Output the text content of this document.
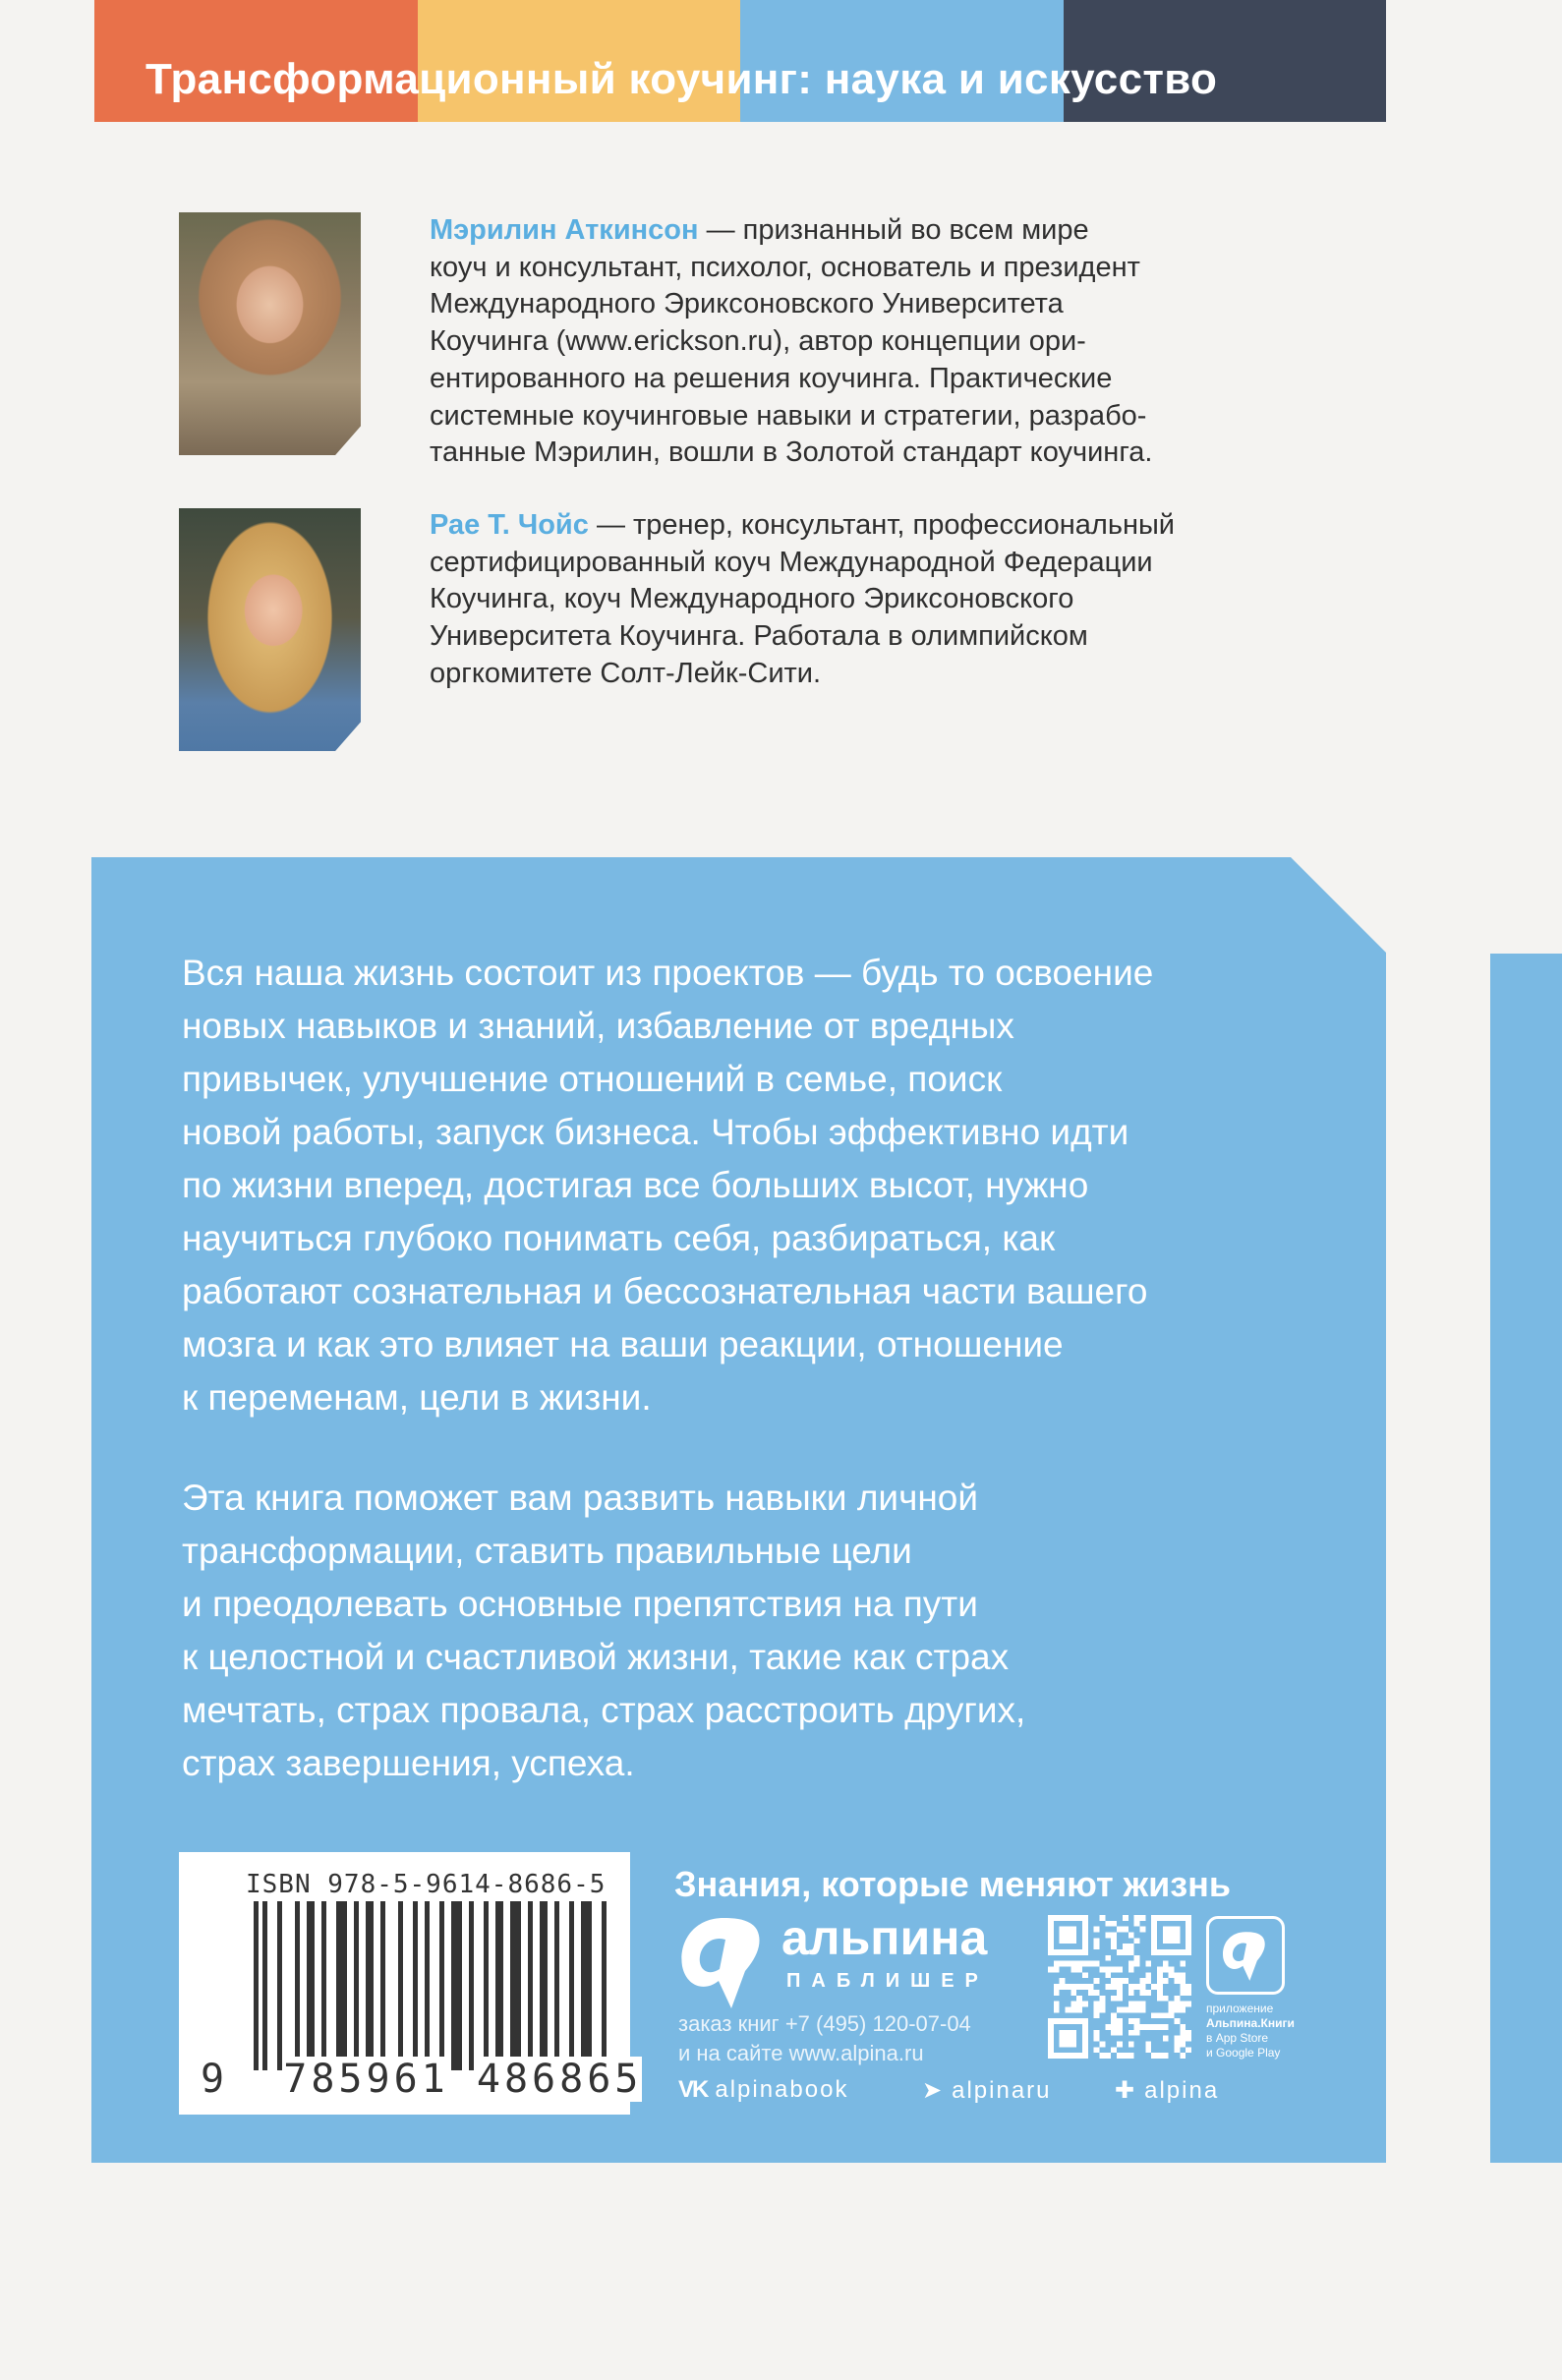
Трансформационный коучинг: наука и искусство
Мэрилин Аткинсон — признанный во всем мире
коуч и консультант, психолог, основатель и президент
Международного Эриксоновского Университета
Коучинга (www.erickson.ru), автор концепции ори-
ентированного на решения коучинга. Практические
системные коучинговые навыки и стратегии, разрабо-
танные Мэрилин, вошли в Золотой стандарт коучинга.
Рае Т. Чойс — тренер, консультант, профессиональный
сертифицированный коуч Международной Федерации
Коучинга, коуч Международного Эриксоновского
Университета Коучинга. Работала в олимпийском
оргкомитете Солт-Лейк-Сити.
Вся наша жизнь состоит из проектов — будь то освоение
новых навыков и знаний, избавление от вредных
привычек, улучшение отношений в семье, поиск
новой работы, запуск бизнеса. Чтобы эффективно идти
по жизни вперед, достигая все больших высот, нужно
научиться глубоко понимать себя, разбираться, как
работают сознательная и бессознательная части вашего
мозга и как это влияет на ваши реакции, отношение
к переменам, цели в жизни.
Эта книга поможет вам развить навыки личной
трансформации, ставить правильные цели
и преодолевать основные препятствия на пути
к целостной и счастливой жизни, такие как страх
мечтать, страх провала, страх расстроить других,
страх завершения, успеха.
ISBN 978-5-9614-8686-5
9 785961 486865
Знания, которые меняют жизнь
альпина
ПАБЛИШЕР
заказ книг +7 (495) 120-07-04
и на сайте www.alpina.ru
VK alpinabook	➤ alpinaru	✚ alpina
приложение
Альпина.Книги
в App Store
и Google Play
